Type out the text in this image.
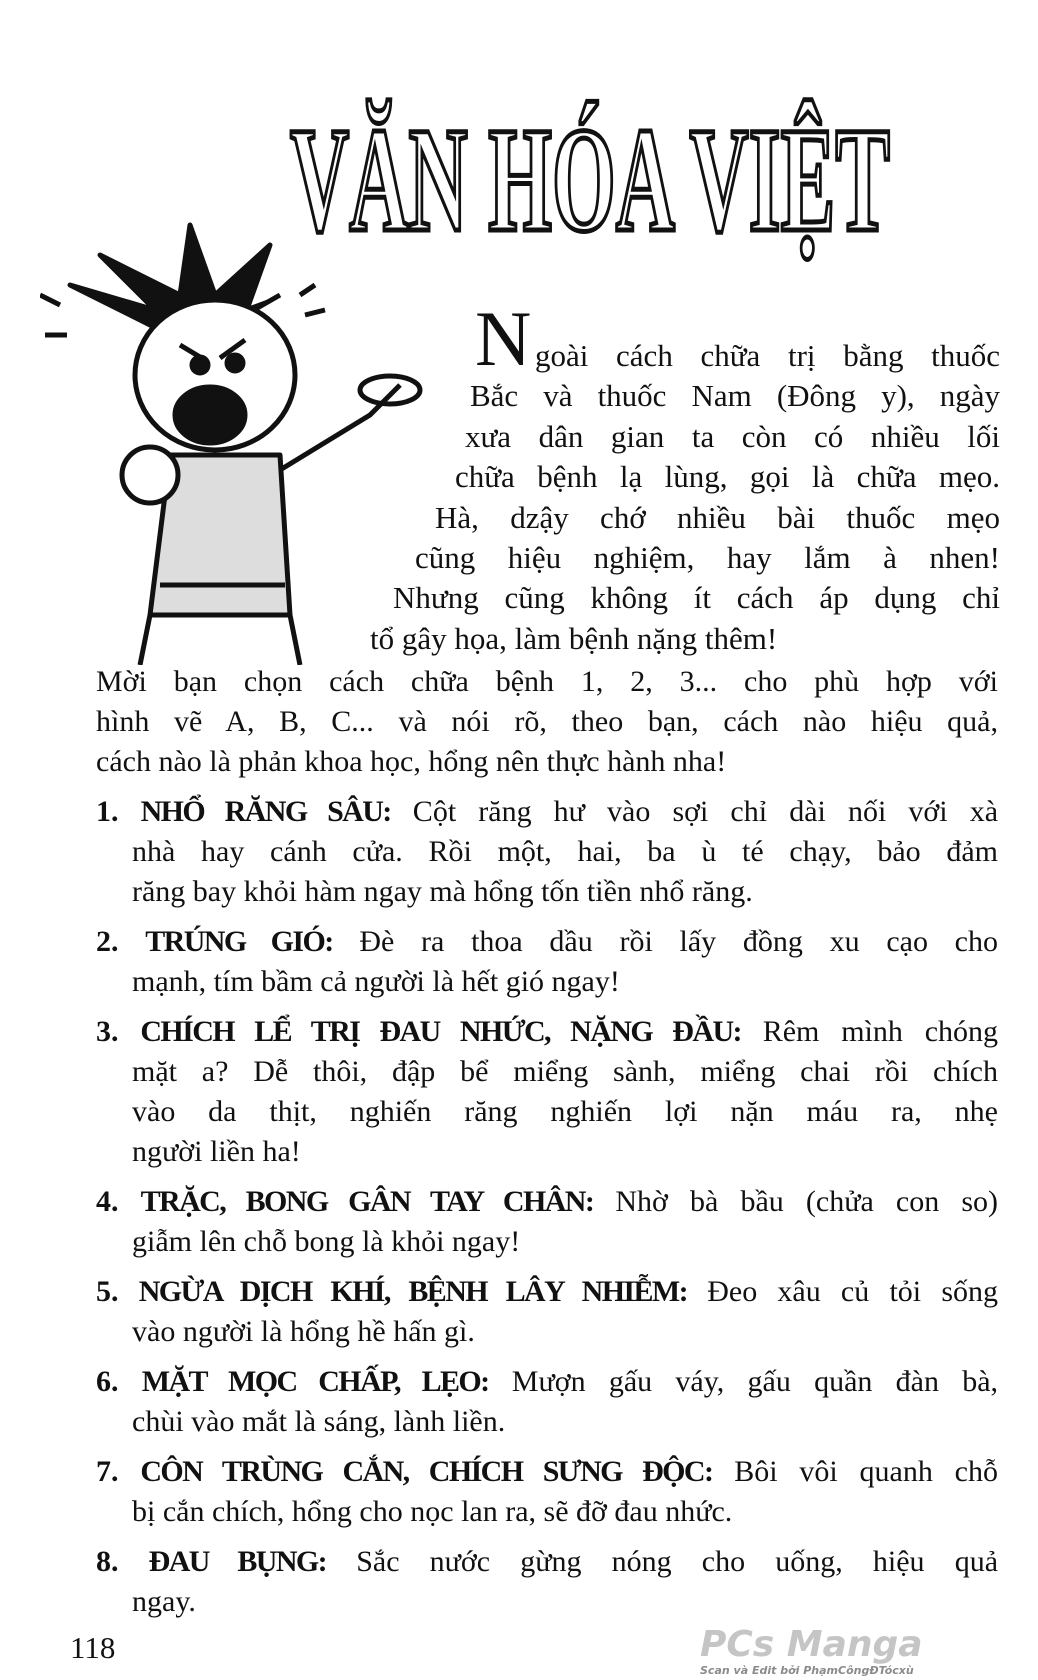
VĂN HÓA VIỆT
N goài cách chữa trị bằng thuốc
Bắc và thuốc Nam (Đông y), ngày
xưa dân gian ta còn có nhiều lối
chữa bệnh lạ lùng, gọi là chữa mẹo.
Hà, dzậy chớ nhiều bài thuốc mẹo
cũng hiệu nghiệm, hay lắm à nhen!
Nhưng cũng không ít cách áp dụng chỉ
tổ gây họa, làm bệnh nặng thêm!
Mời bạn chọn cách chữa bệnh 1, 2, 3... cho phù hợp với
hình vẽ A, B, C... và nói rõ, theo bạn, cách nào hiệu quả,
cách nào là phản khoa học, hổng nên thực hành nha!
1. NHỔ RĂNG SÂU: Cột răng hư vào sợi chỉ dài nối với xà
nhà hay cánh cửa. Rồi một, hai, ba ù té chạy, bảo đảm
răng bay khỏi hàm ngay mà hổng tốn tiền nhổ răng.
2. TRÚNG GIÓ: Đè ra thoa dầu rồi lấy đồng xu cạo cho
mạnh, tím bầm cả người là hết gió ngay!
3. CHÍCH LỂ TRỊ ĐAU NHỨC, NẶNG ĐẦU: Rêm mình chóng
mặt a? Dễ thôi, đập bể miểng sành, miểng chai rồi chích
vào da thịt, nghiến răng nghiến lợi nặn máu ra, nhẹ
người liền ha!
4. TRẶC, BONG GÂN TAY CHÂN: Nhờ bà bầu (chửa con so)
giẫm lên chỗ bong là khỏi ngay!
5. NGỪA DỊCH KHÍ, BỆNH LÂY NHIỄM: Đeo xâu củ tỏi sống
vào người là hổng hề hấn gì.
6. MẶT MỌC CHẤP, LẸO: Mượn gấu váy, gấu quần đàn bà,
chùi vào mắt là sáng, lành liền.
7. CÔN TRÙNG CẮN, CHÍCH SƯNG ĐỘC: Bôi vôi quanh chỗ
bị cắn chích, hổng cho nọc lan ra, sẽ đỡ đau nhức.
8. ĐAU BỤNG: Sắc nước gừng nóng cho uống, hiệu quả
ngay.
PCs Manga
Scan và Edit bởi PhạmCôngĐTócxù
118
